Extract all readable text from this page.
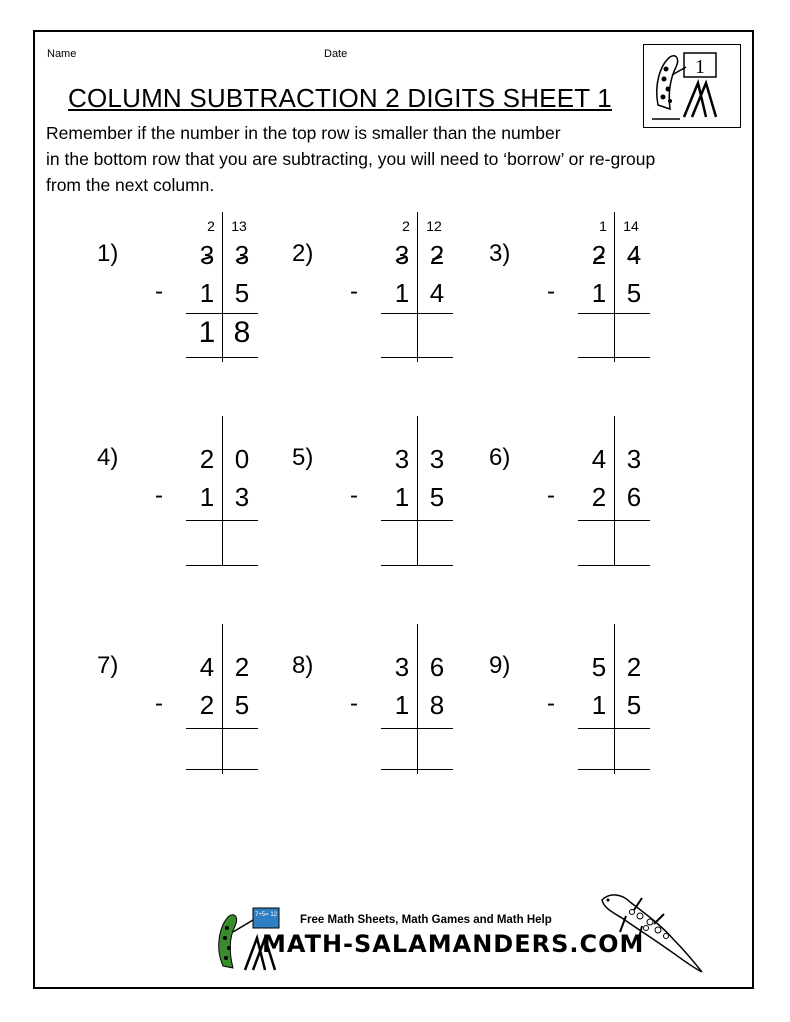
Name	Date
1
COLUMN SUBTRACTION 2 DIGITS SHEET 1
Remember if the number in the top row is smaller than the number
in the bottom row that you are subtracting, you will need to ‘borrow’ or re-group
from the next column.
2	13
1)	3 3
- 1 5
1 8
2	12
2)	3 2
- 1 4
1	14
3)	2 4
- 1 5
4)	2 0
- 1 3
5)	3 3
- 1 5
6)	4 3
- 2 6
7)	4 2
- 2 5
8)	3 6
- 1 8
9)	5 2
- 1 5
7+5= 12 Free Math Sheets, Math Games and Math Help
MATH-SALAMANDERS.COM
